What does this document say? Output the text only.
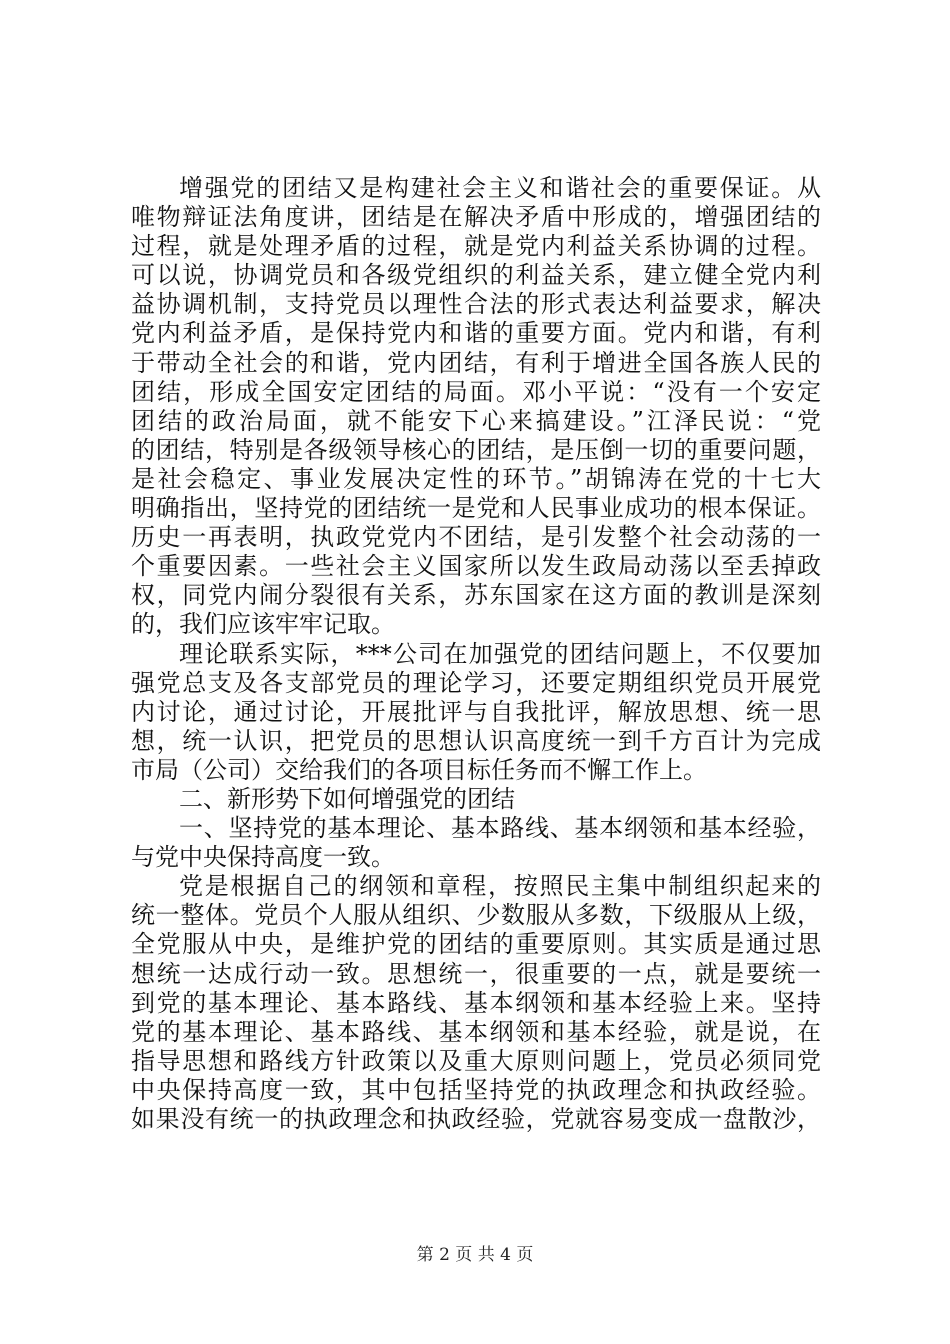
增强党的团结又是构建社会主义和谐社会的重要保证。从
唯物辩证法角度讲，团结是在解决矛盾中形成的，增强团结的
过程，就是处理矛盾的过程，就是党内利益关系协调的过程。
可以说，协调党员和各级党组织的利益关系，建立健全党内利
益协调机制，支持党员以理性合法的形式表达利益要求，解决
党内利益矛盾，是保持党内和谐的重要方面。党内和谐，有利
于带动全社会的和谐，党内团结，有利于增进全国各族人民的
团结，形成全国安定团结的局面。邓小平说：“没有一个安定
团结的政治局面，就不能安下心来搞建设。”江泽民说：“党
的团结，特别是各级领导核心的团结，是压倒一切的重要问题，
是社会稳定、事业发展决定性的环节。”胡锦涛在党的十七大
明确指出，坚持党的团结统一是党和人民事业成功的根本保证。
历史一再表明，执政党党内不团结，是引发整个社会动荡的一
个重要因素。一些社会主义国家所以发生政局动荡以至丢掉政
权，同党内闹分裂很有关系，苏东国家在这方面的教训是深刻
的，我们应该牢牢记取。
理论联系实际，***公司在加强党的团结问题上，不仅要加
强党总支及各支部党员的理论学习，还要定期组织党员开展党
内讨论，通过讨论，开展批评与自我批评，解放思想、统一思
想，统一认识，把党员的思想认识高度统一到千方百计为完成
市局（公司）交给我们的各项目标任务而不懈工作上。
二、新形势下如何增强党的团结
一、坚持党的基本理论、基本路线、基本纲领和基本经验，
与党中央保持高度一致。
党是根据自己的纲领和章程，按照民主集中制组织起来的
统一整体。党员个人服从组织、少数服从多数，下级服从上级，
全党服从中央，是维护党的团结的重要原则。其实质是通过思
想统一达成行动一致。思想统一，很重要的一点，就是要统一
到党的基本理论、基本路线、基本纲领和基本经验上来。坚持
党的基本理论、基本路线、基本纲领和基本经验，就是说，在
指导思想和路线方针政策以及重大原则问题上，党员必须同党
中央保持高度一致，其中包括坚持党的执政理念和执政经验。
如果没有统一的执政理念和执政经验，党就容易变成一盘散沙，
第 2 页 共 4 页
